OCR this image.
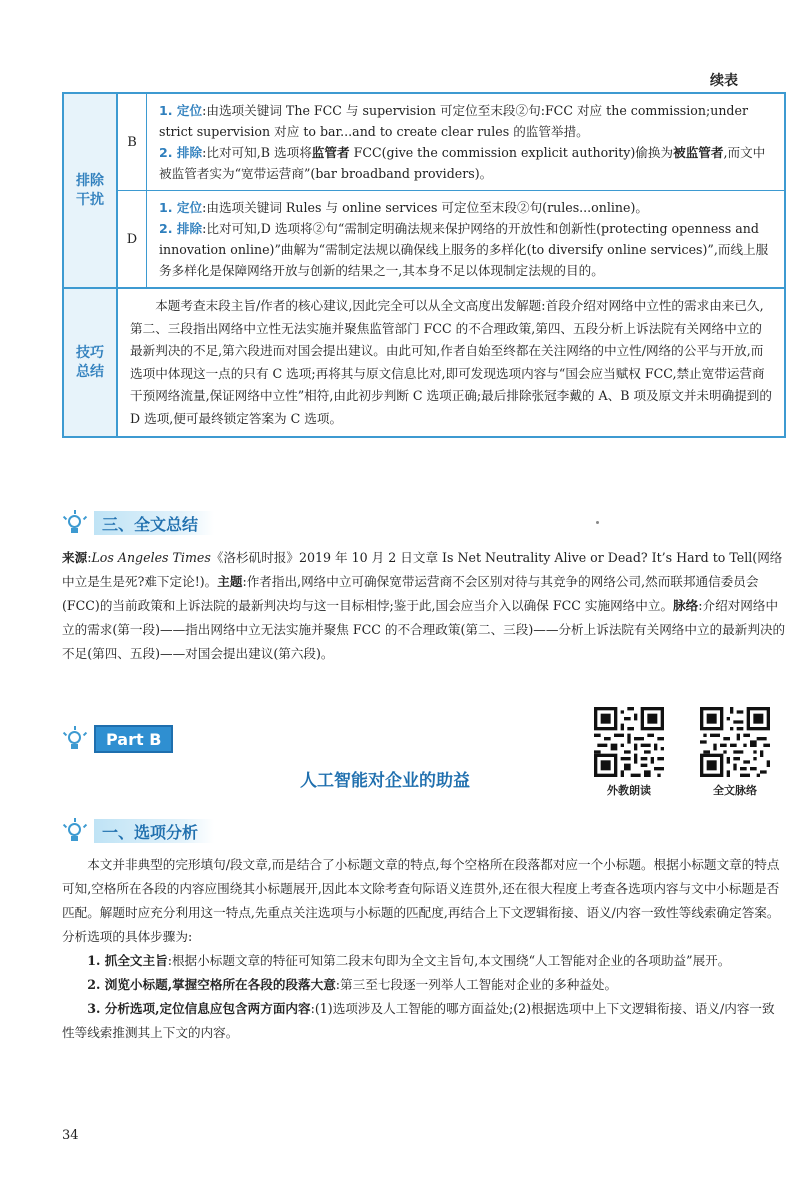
续表
排除
干扰
B

1. 定位:由选项关键词 The FCC 与 supervision 可定位至末段②句:FCC 对应 the commission;under strict supervision 对应 to bar...and to create clear rules 的监管举措。

2. 排除:比对可知,B 选项将监管者 FCC(give the commission explicit authority)偷换为被监管者,而文中被监管者实为“宽带运营商”(bar broadband providers)。

D

1. 定位:由选项关键词 Rules 与 online services 可定位至末段②句(rules...online)。

2. 排除:比对可知,D 选项将②句“需制定明确法规来保护网络的开放性和创新性(protecting openness and innovation online)”曲解为“需制定法规以确保线上服务的多样化(to diversify online services)”,而线上服务多样化是保障网络开放与创新的结果之一,其本身不足以体现制定法规的目的。

技巧
总结
本题考查末段主旨/作者的核心建议,因此完全可以从全文高度出发解题:首段介绍对网络中立性的需求由来已久,第二、三段指出网络中立性无法实施并聚焦监管部门 FCC 的不合理政策,第四、五段分析上诉法院有关网络中立的最新判决的不足,第六段进而对国会提出建议。由此可知,作者自始至终都在关注网络的中立性/网络的公平与开放,而选项中体现这一点的只有 C 选项;再将其与原文信息比对,即可发现选项内容与“国会应当赋权 FCC,禁止宽带运营商干预网络流量,保证网络中立性”相符,由此初步判断 C 选项正确;最后排除张冠李戴的 A、B 项及原文并未明确提到的 D 选项,便可最终锁定答案为 C 选项。
三、全文总结

来源:Los Angeles Times《洛杉矶时报》2019 年 10 月 2 日文章 Is Net Neutrality Alive or Dead? It’s Hard to Tell(网络中立是生是死?难下定论!)。主题:作者指出,网络中立可确保宽带运营商不会区别对待与其竞争的网络公司,然而联邦通信委员会(FCC)的当前政策和上诉法院的最新判决均与这一目标相悖;鉴于此,国会应当介入以确保 FCC 实施网络中立。脉络:介绍对网络中立的需求(第一段)——指出网络中立无法实施并聚焦 FCC 的不合理政策(第二、三段)——分析上诉法院有关网络中立的最新判决的不足(第四、五段)——对国会提出建议(第六段)。

Part B
人工智能对企业的助益	外教朗读	全文脉络
一、选项分析

本文并非典型的完形填句/段文章,而是结合了小标题文章的特点,每个空格所在段落都对应一个小标题。根据小标题文章的特点可知,空格所在各段的内容应围绕其小标题展开,因此本文除考查句际语义连贯外,还在很大程度上考查各选项内容与文中小标题是否匹配。解题时应充分利用这一特点,先重点关注选项与小标题的匹配度,再结合上下文逻辑衔接、语义/内容一致性等线索确定答案。分析选项的具体步骤为:

1. 抓全文主旨:根据小标题文章的特征可知第二段末句即为全文主旨句,本文围绕“人工智能对企业的各项助益”展开。

2. 浏览小标题,掌握空格所在各段的段落大意:第三至七段逐一列举人工智能对企业的多种益处。

3. 分析选项,定位信息应包含两方面内容:(1)选项涉及人工智能的哪方面益处;(2)根据选项中上下文逻辑衔接、语义/内容一致性等线索推测其上下文的内容。

34
